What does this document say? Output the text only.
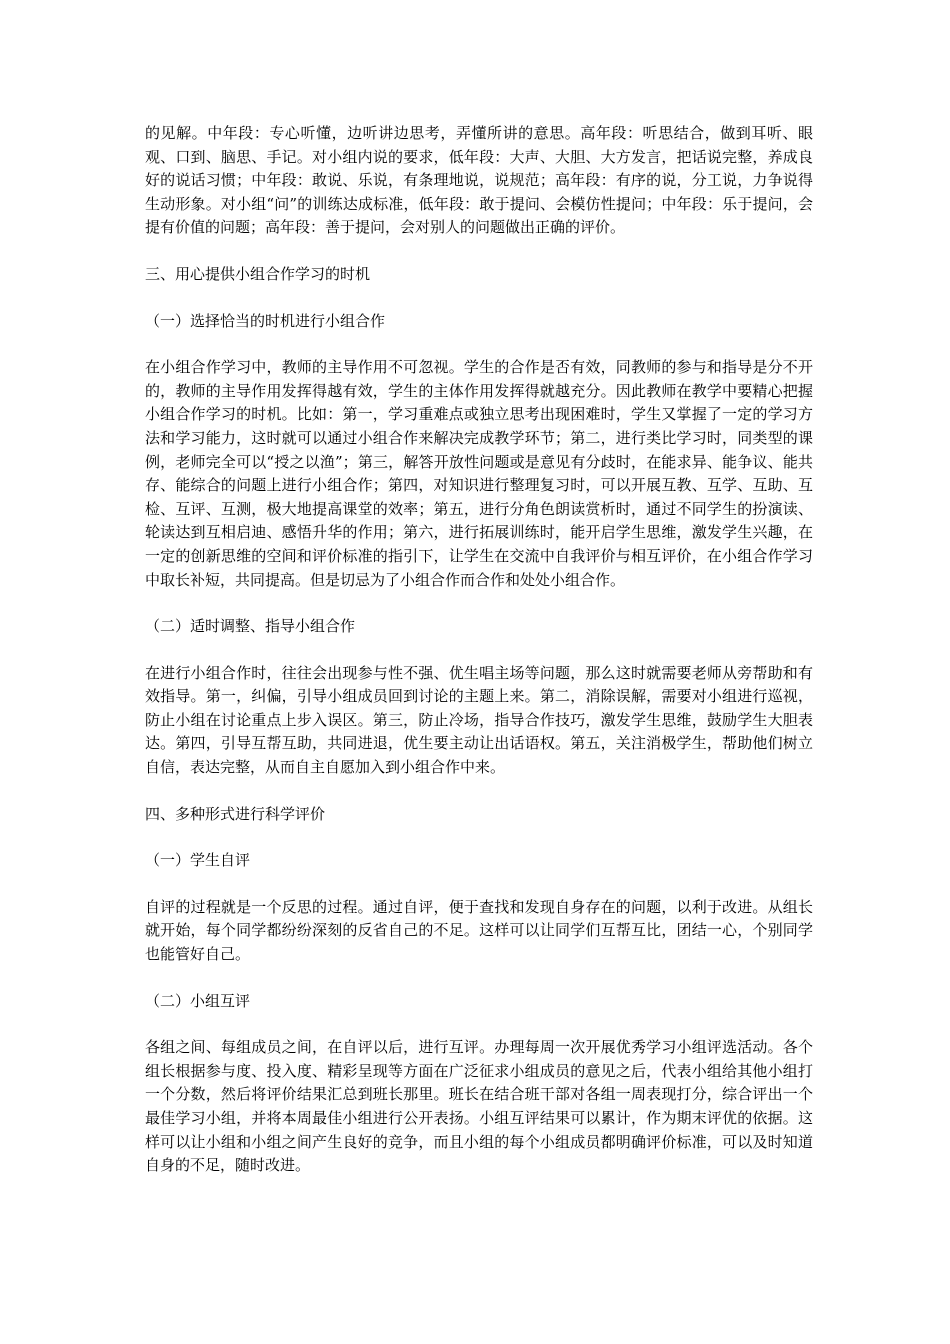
的见解。中年段：专心听懂，边听讲边思考，弄懂所讲的意思。高年段：听思结合，做到耳听、眼观、口到、脑思、手记。对小组内说的要求，低年段：大声、大胆、大方发言，把话说完整，养成良好的说话习惯；中年段：敢说、乐说，有条理地说，说规范；高年段：有序的说，分工说，力争说得生动形象。对小组“问”的训练达成标准，低年段：敢于提问、会模仿性提问；中年段：乐于提问，会提有价值的问题；高年段：善于提问，会对别人的问题做出正确的评价。

三、用心提供小组合作学习的时机

（一）选择恰当的时机进行小组合作

在小组合作学习中，教师的主导作用不可忽视。学生的合作是否有效，同教师的参与和指导是分不开的，教师的主导作用发挥得越有效，学生的主体作用发挥得就越充分。因此教师在教学中要精心把握小组合作学习的时机。比如：第一，学习重难点或独立思考出现困难时，学生又掌握了一定的学习方法和学习能力，这时就可以通过小组合作来解决完成教学环节；第二，进行类比学习时，同类型的课例，老师完全可以“授之以渔”；第三，解答开放性问题或是意见有分歧时，在能求异、能争议、能共存、能综合的问题上进行小组合作；第四，对知识进行整理复习时，可以开展互教、互学、互助、互检、互评、互测，极大地提高课堂的效率；第五，进行分角色朗读赏析时，通过不同学生的扮演读、轮读达到互相启迪、感悟升华的作用；第六，进行拓展训练时，能开启学生思维，激发学生兴趣，在一定的创新思维的空间和评价标准的指引下，让学生在交流中自我评价与相互评价，在小组合作学习中取长补短，共同提高。但是切忌为了小组合作而合作和处处小组合作。

（二）适时调整、指导小组合作

在进行小组合作时，往往会出现参与性不强、优生唱主场等问题，那么这时就需要老师从旁帮助和有效指导。第一，纠偏，引导小组成员回到讨论的主题上来。第二，消除误解，需要对小组进行巡视，防止小组在讨论重点上步入误区。第三，防止冷场，指导合作技巧，激发学生思维，鼓励学生大胆表达。第四，引导互帮互助，共同进退，优生要主动让出话语权。第五，关注消极学生，帮助他们树立自信，表达完整，从而自主自愿加入到小组合作中来。

四、多种形式进行科学评价

（一）学生自评

自评的过程就是一个反思的过程。通过自评，便于查找和发现自身存在的问题，以利于改进。从组长就开始，每个同学都纷纷深刻的反省自己的不足。这样可以让同学们互帮互比，团结一心，个别同学也能管好自己。

（二）小组互评

各组之间、每组成员之间，在自评以后，进行互评。办理每周一次开展优秀学习小组评选活动。各个组长根据参与度、投入度、精彩呈现等方面在广泛征求小组成员的意见之后，代表小组给其他小组打一个分数，然后将评价结果汇总到班长那里。班长在结合班干部对各组一周表现打分，综合评出一个最佳学习小组，并将本周最佳小组进行公开表扬。小组互评结果可以累计，作为期末评优的依据。这样可以让小组和小组之间产生良好的竞争，而且小组的每个小组成员都明确评价标准，可以及时知道自身的不足，随时改进。
